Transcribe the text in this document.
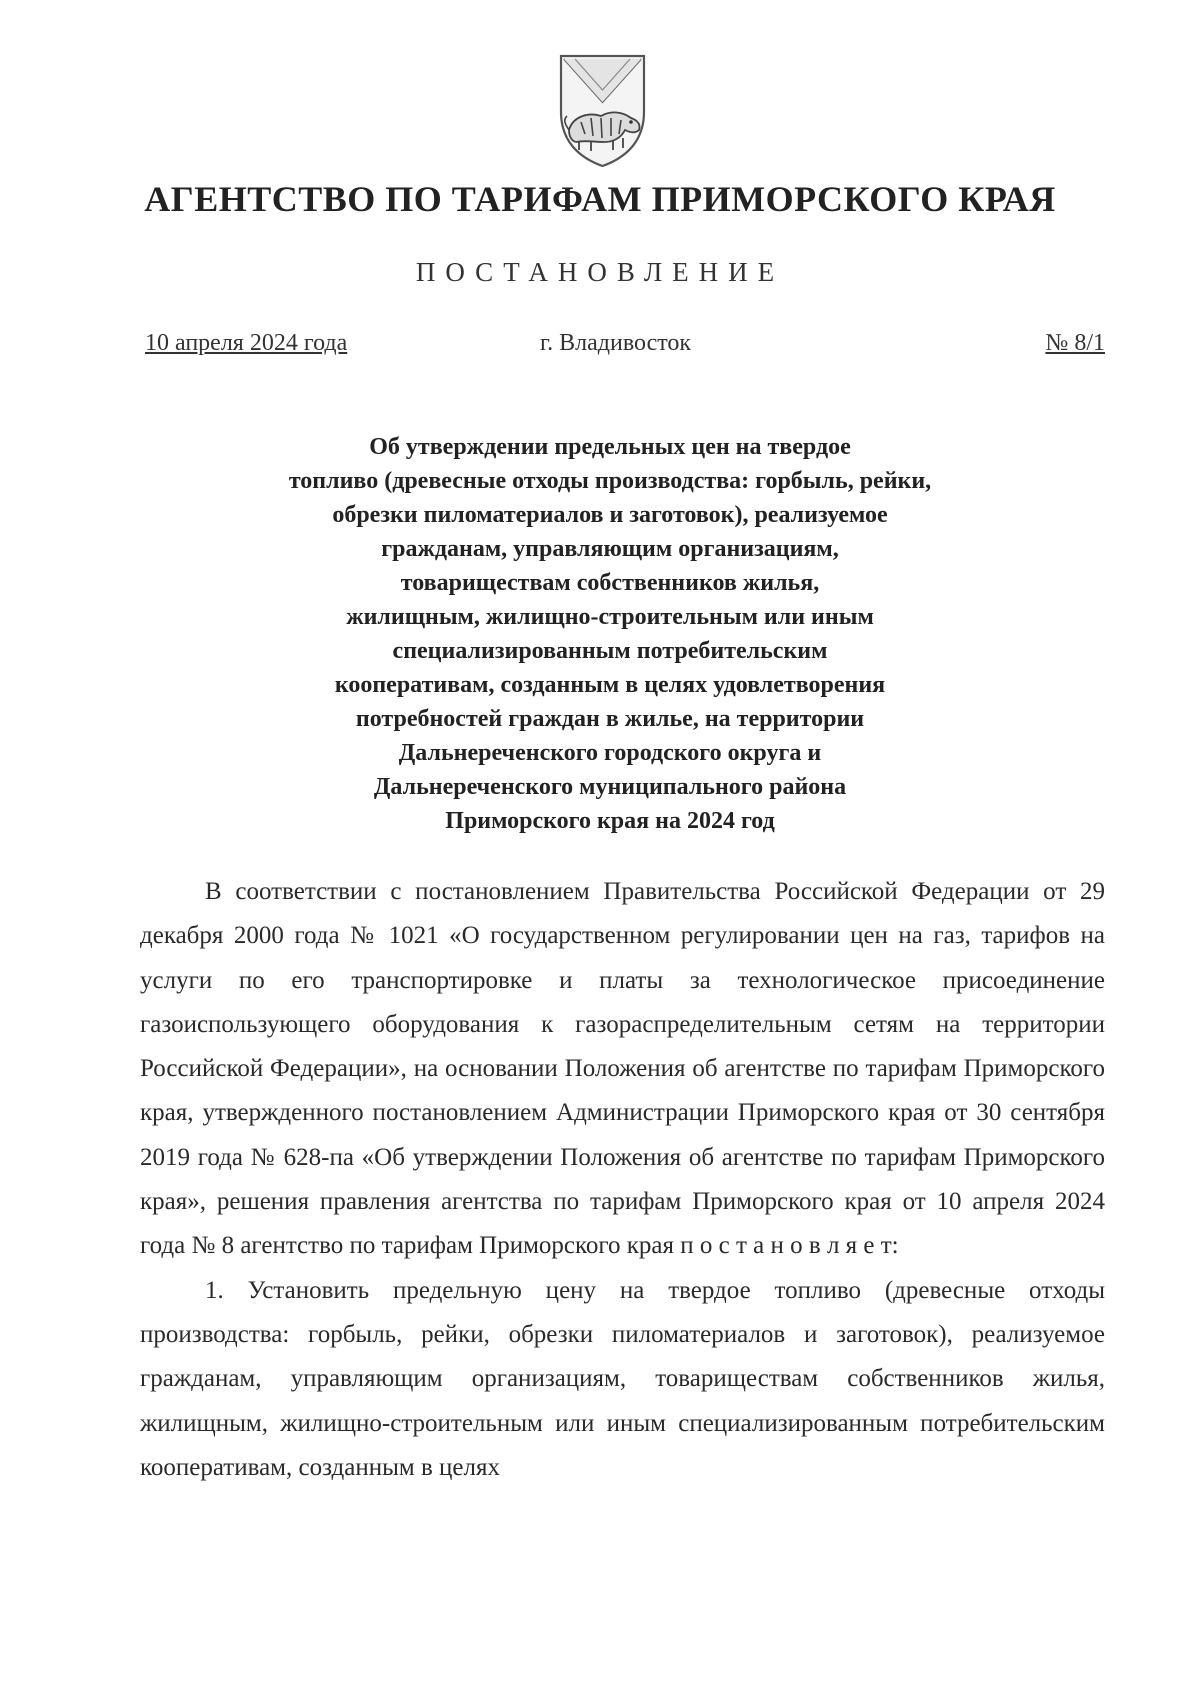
АГЕНТСТВО ПО ТАРИФАМ ПРИМОРСКОГО КРАЯ
ПОСТАНОВЛЕНИЕ
10 апреля 2024 года	г. Владивосток	№ 8/1
Об утверждении предельных цен на твердое
топливо (древесные отходы производства: горбыль, рейки,
обрезки пиломатериалов и заготовок), реализуемое
гражданам, управляющим организациям,
товариществам собственников жилья,
жилищным, жилищно-строительным или иным
специализированным потребительским
кооперативам, созданным в целях удовлетворения
потребностей граждан в жилье, на территории
Дальнереченского городского округа и
Дальнереченского муниципального района
Приморского края на 2024 год

В соответствии с постановлением Правительства Российской Федерации от 29 декабря 2000 года № 1021 «О государственном регулировании цен на газ, тарифов на услуги по его транспортировке и платы за технологическое присоединение газоиспользующего оборудования к газораспределительным сетям на территории Российской Федерации», на основании Положения об агентстве по тарифам Приморского края, утвержденного постановлением Администрации Приморского края от 30 сентября 2019 года № 628-па «Об утверждении Положения об агентстве по тарифам Приморского края», решения правления агентства по тарифам Приморского края от 10 апреля 2024 года № 8 агентство по тарифам Приморского края п о с т а н о в л я е т:

1. Установить предельную цену на твердое топливо (древесные отходы производства: горбыль, рейки, обрезки пиломатериалов и заготовок), реализуемое гражданам, управляющим организациям, товариществам собственников жилья, жилищным, жилищно-строительным или иным специализированным потребительским кооперативам, созданным в целях
